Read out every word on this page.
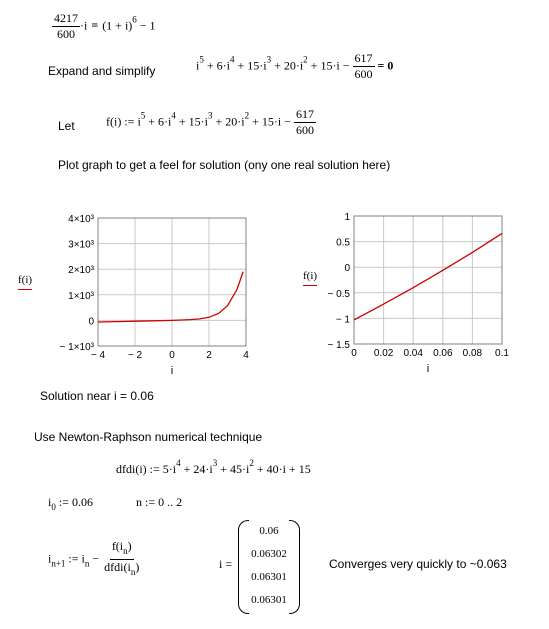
$\frac{4217}{600} \cdot i = (1 + i)^6 - 1$
Expand and simplify	$i^5 + 6\cdot i^4 + 15\cdot i^3 + 20\cdot i^2 + 15\cdot i - \frac{617}{600} = 0$
Let	f(i) := $i^5 + 6\cdot i^4 + 15\cdot i^3 + 20\cdot i^2 + 15\cdot i - \frac{617}{600}$
Plot graph to get a feel for solution (ony one real solution here)
f(i)
− 4 − 2	0	2	4
4×10³
3×10³
2×10³
1×10³
0
− 1×10³
i
f(i)
0 0.02 0.04 0.06 0.08 0.1
1
0.5
0
− 0.5
− 1
− 1.5
i
Solution near i = 0.06
Use Newton-Raphson numerical technique
dfdi(i) := $5\cdot i^4 + 24\cdot i^3 + 45\cdot i^2 + 40\cdot i + 15$
$i_0$ := 0.06	n := 0 .. 2
$i_{n+1}$ := $i_n - \frac{f(i_n)}{dfdi(i_n)}$	i =
0.06
0.06302
0.06301
0.06301
Converges very quickly to ~0.063
